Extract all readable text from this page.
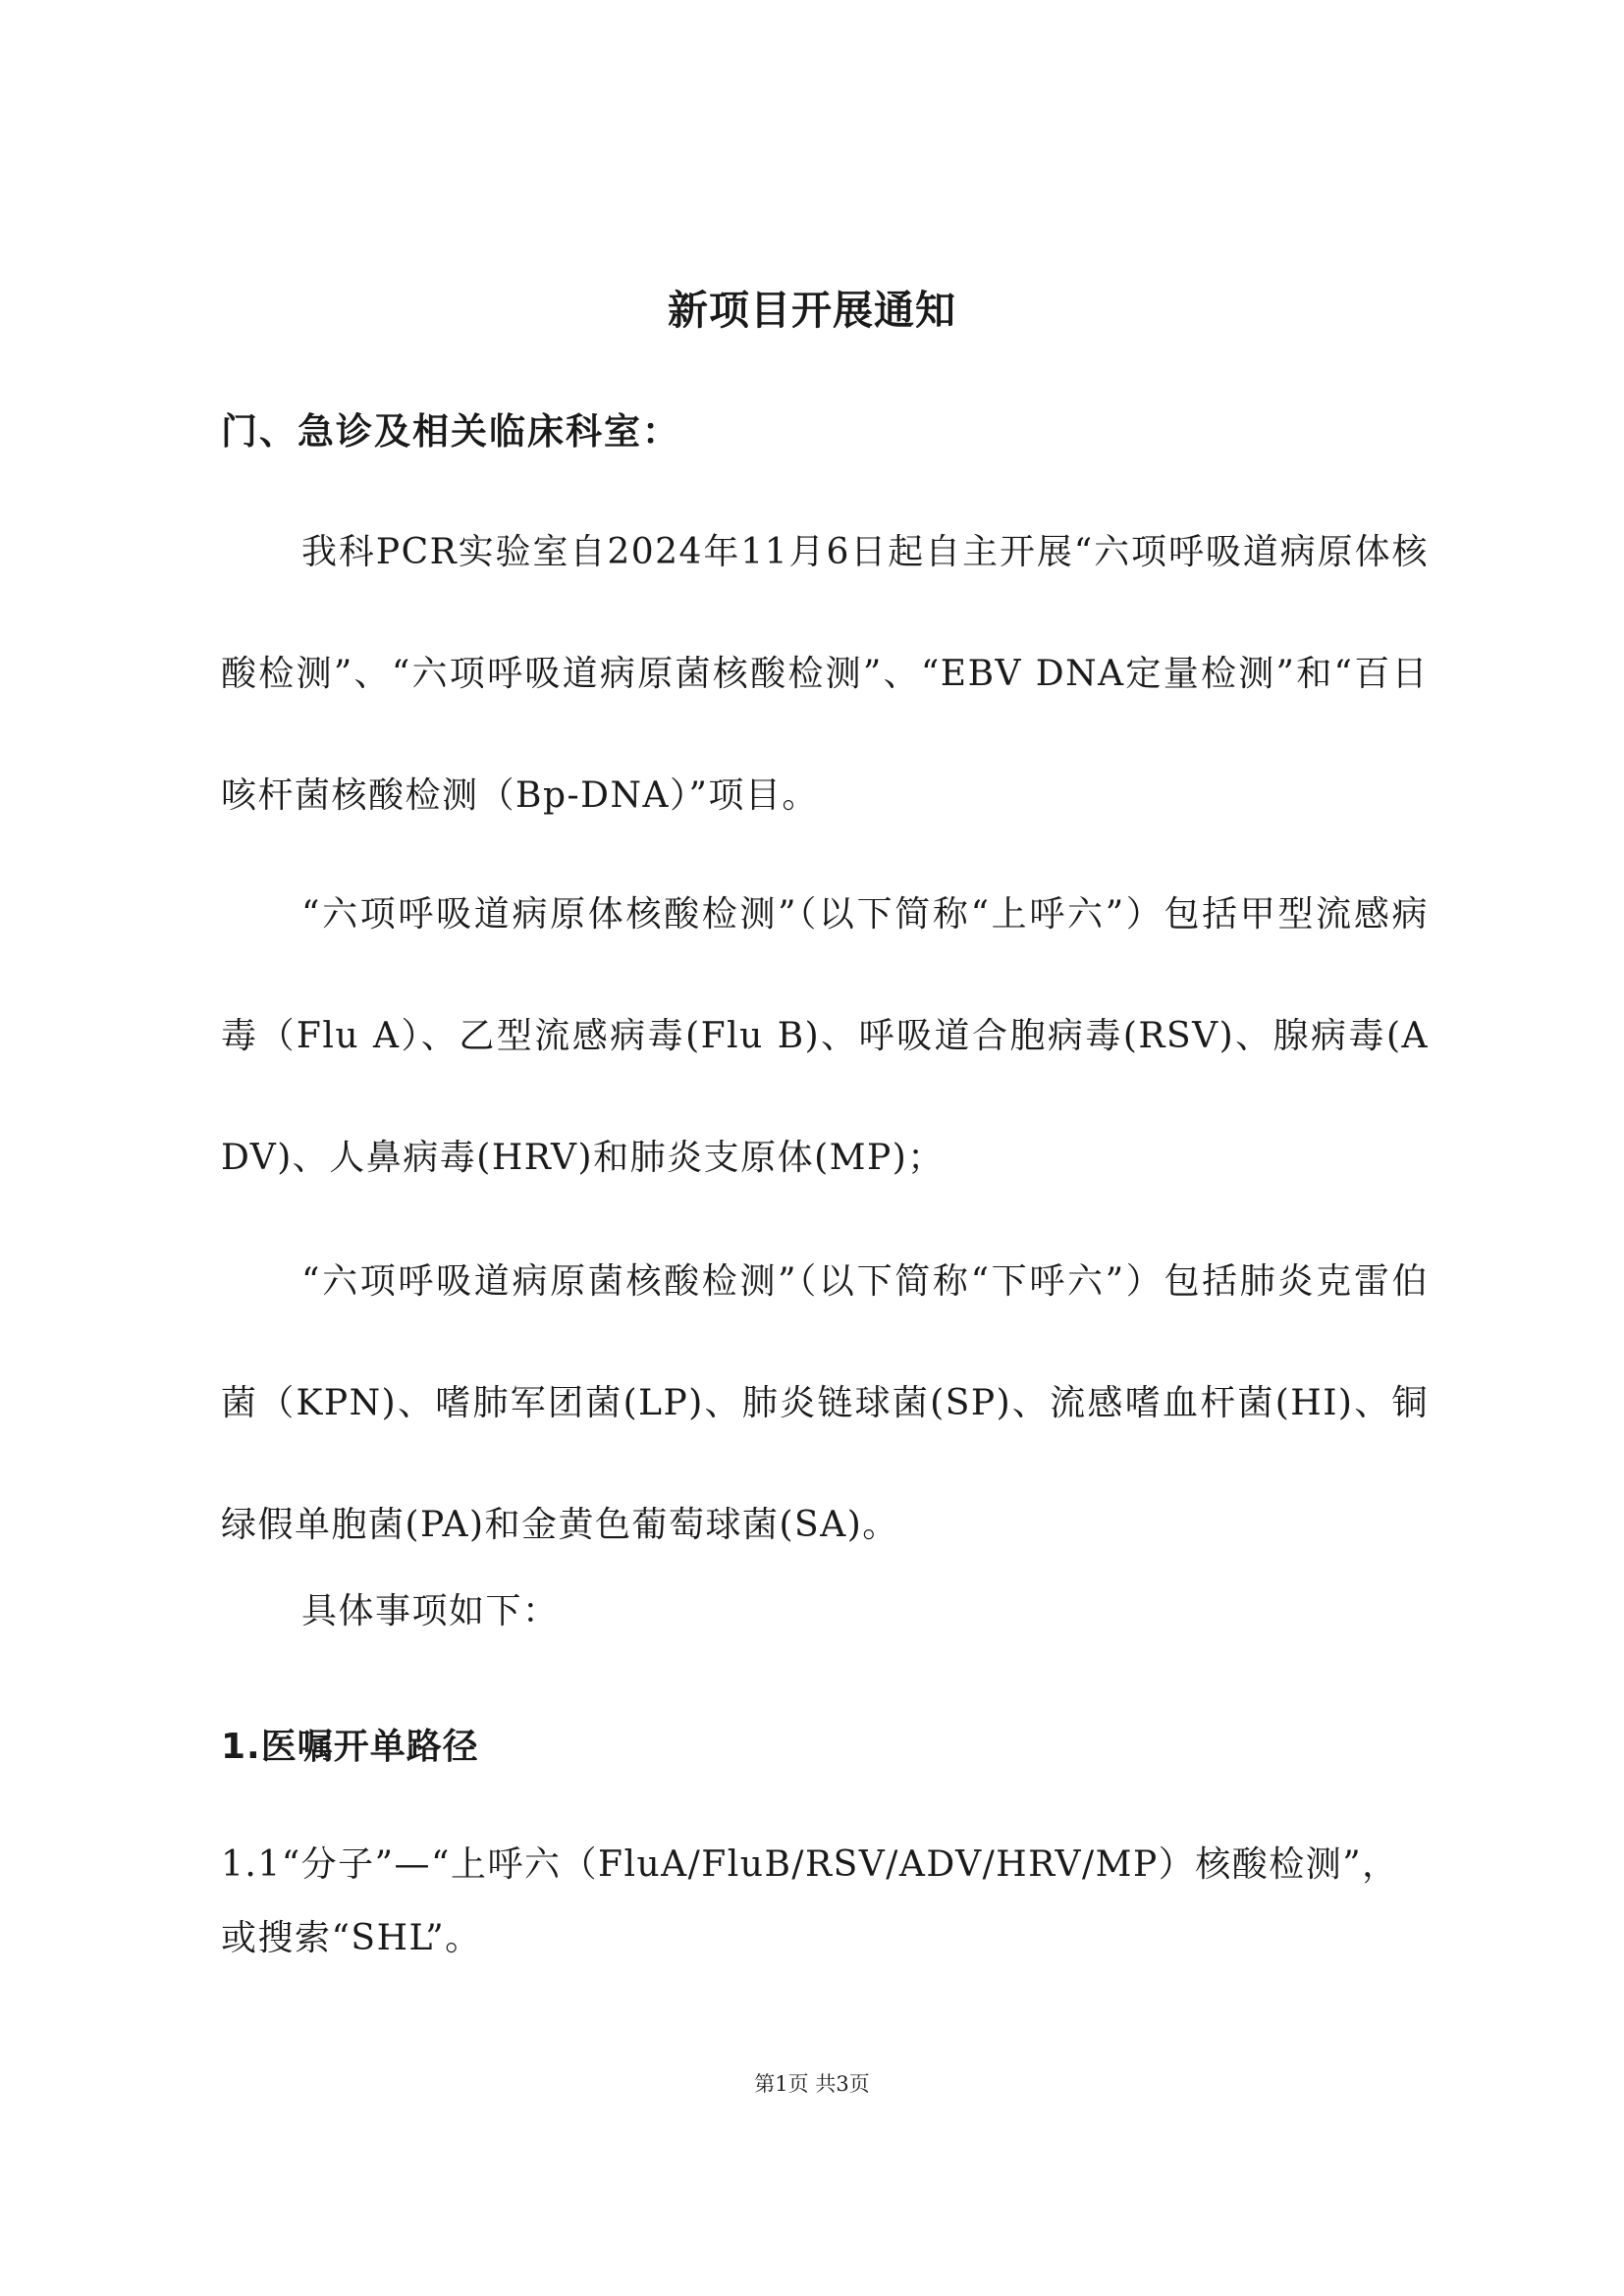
新项目开展通知
门、急诊及相关临床科室：
我科PCR实验室自2024年11月6日起自主开展“六项呼吸道病原体核酸检测”、“六项呼吸道病原菌核酸检测”、“EBV DNA定量检测”和“百日咳杆菌核酸检测（Bp-DNA）”项目。
“六项呼吸道病原体核酸检测”（以下简称“上呼六”）包括甲型流感病毒（Flu A）、乙型流感病毒(Flu B)、呼吸道合胞病毒(RSV)、腺病毒(ADV)、人鼻病毒(HRV)和肺炎支原体(MP)；
“六项呼吸道病原菌核酸检测”（以下简称“下呼六”）包括肺炎克雷伯菌（KPN)、嗜肺军团菌(LP)、肺炎链球菌(SP)、流感嗜血杆菌(HI)、铜绿假单胞菌(PA)和金黄色葡萄球菌(SA)。
具体事项如下：
1.医嘱开单路径
1.1“分子”—“上呼六（FluA/FluB/RSV/ADV/HRV/MP）核酸检测”，或搜索“SHL”。
第1页 共3页
